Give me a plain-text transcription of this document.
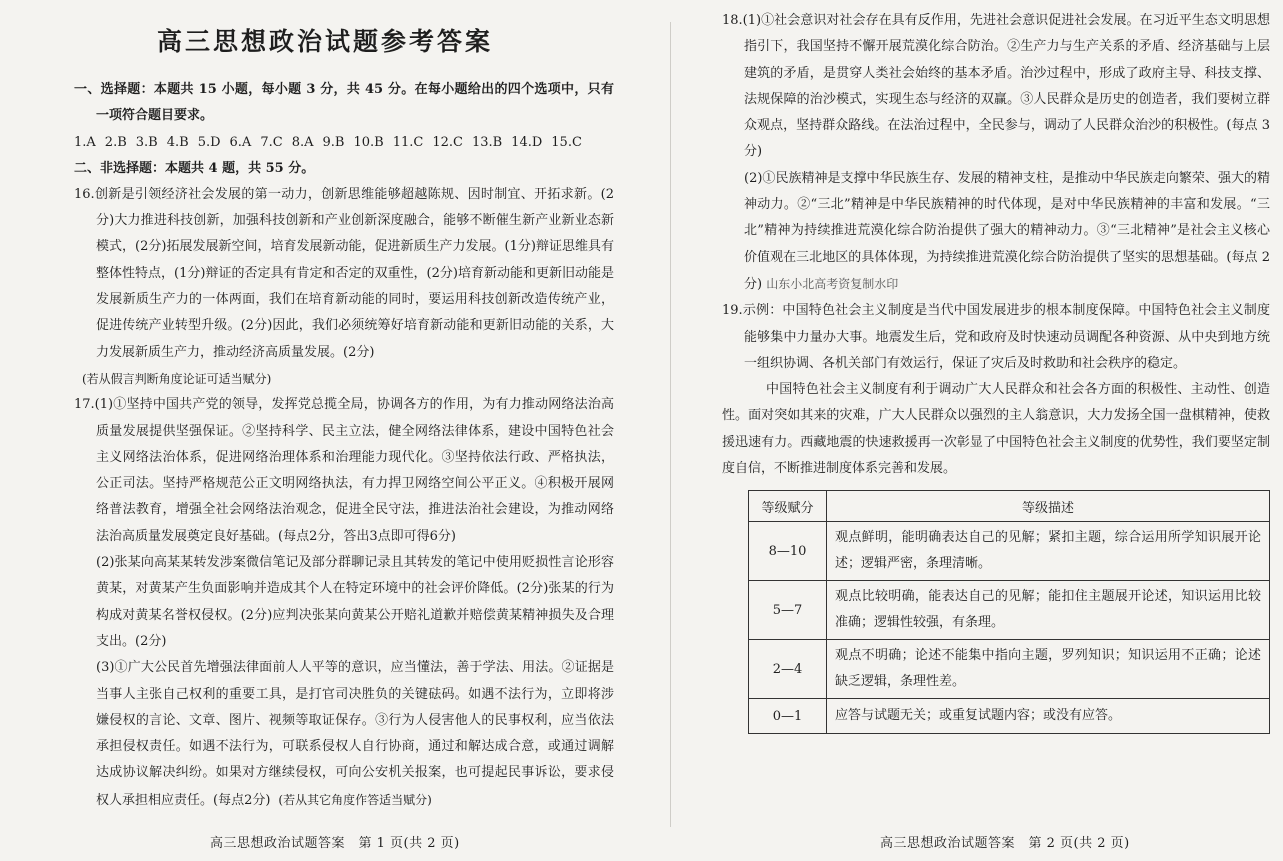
高三思想政治试题参考答案

一、选择题：本题共 15 小题，每小题 3 分，共 45 分。在每小题给出的四个选项中，只有一项符合题目要求。

1.A 2.B 3.B 4.B 5.D 6.A 7.C 8.A 9.B 10.B 11.C 12.C 13.B 14.D 15.C

二、非选择题：本题共 4 题，共 55 分。

16.创新是引领经济社会发展的第一动力，创新思维能够超越陈规、因时制宜、开拓求新。(2分)大力推进科技创新，加强科技创新和产业创新深度融合，能够不断催生新产业新业态新模式，(2分)拓展发展新空间，培育发展新动能，促进新质生产力发展。(1分)辩证思维具有整体性特点，(1分)辩证的否定具有肯定和否定的双重性，(2分)培育新动能和更新旧动能是发展新质生产力的一体两面，我们在培育新动能的同时，要运用科技创新改造传统产业，促进传统产业转型升级。(2分)因此，我们必须统筹好培育新动能和更新旧动能的关系，大力发展新质生产力，推动经济高质量发展。(2分)

(若从假言判断角度论证可适当赋分)

17.(1)①坚持中国共产党的领导，发挥党总揽全局，协调各方的作用，为有力推动网络法治高质量发展提供坚强保证。②坚持科学、民主立法，健全网络法律体系，建设中国特色社会主义网络法治体系，促进网络治理体系和治理能力现代化。③坚持依法行政、严格执法，公正司法。坚持严格规范公正文明网络执法，有力捍卫网络空间公平正义。④积极开展网络普法教育，增强全社会网络法治观念，促进全民守法，推进法治社会建设，为推动网络法治高质量发展奠定良好基础。(每点2分，答出3点即可得6分)

(2)张某向高某某转发涉案微信笔记及部分群聊记录且其转发的笔记中使用贬损性言论形容黄某，对黄某产生负面影响并造成其个人在特定环境中的社会评价降低。(2分)张某的行为构成对黄某名誉权侵权。(2分)应判决张某向黄某公开赔礼道歉并赔偿黄某精神损失及合理支出。(2分)

(3)①广大公民首先增强法律面前人人平等的意识，应当懂法，善于学法、用法。②证据是当事人主张自己权利的重要工具，是打官司决胜负的关键砝码。如遇不法行为，立即将涉嫌侵权的言论、文章、图片、视频等取证保存。③行为人侵害他人的民事权利，应当依法承担侵权责任。如遇不法行为，可联系侵权人自行协商，通过和解达成合意，或通过调解达成协议解决纠纷。如果对方继续侵权，可向公安机关报案，也可提起民事诉讼，要求侵权人承担相应责任。(每点2分) (若从其它角度作答适当赋分)

高三思想政治试题答案　第 1 页(共 2 页)

18.(1)①社会意识对社会存在具有反作用，先进社会意识促进社会发展。在习近平生态文明思想指引下，我国坚持不懈开展荒漠化综合防治。②生产力与生产关系的矛盾、经济基础与上层建筑的矛盾，是贯穿人类社会始终的基本矛盾。治沙过程中，形成了政府主导、科技支撑、法规保障的治沙模式，实现生态与经济的双赢。③人民群众是历史的创造者，我们要树立群众观点，坚持群众路线。在法治过程中，全民参与，调动了人民群众治沙的积极性。(每点 3 分)

(2)①民族精神是支撑中华民族生存、发展的精神支柱，是推动中华民族走向繁荣、强大的精神动力。②“三北”精神是中华民族精神的时代体现，是对中华民族精神的丰富和发展。“三北”精神为持续推进荒漠化综合防治提供了强大的精神动力。③“三北精神”是社会主义核心价值观在三北地区的具体体现，为持续推进荒漠化综合防治提供了坚实的思想基础。(每点 2 分) 山东小北高考资复制水印

19.示例：中国特色社会主义制度是当代中国发展进步的根本制度保障。中国特色社会主义制度能够集中力量办大事。地震发生后，党和政府及时快速动员调配各种资源、从中央到地方统一组织协调、各机关部门有效运行，保证了灾后及时救助和社会秩序的稳定。

中国特色社会主义制度有利于调动广大人民群众和社会各方面的积极性、主动性、创造性。面对突如其来的灾难，广大人民群众以强烈的主人翁意识，大力发扬全国一盘棋精神，使救援迅速有力。西藏地震的快速救援再一次彰显了中国特色社会主义制度的优势性，我们要坚定制度自信，不断推进制度体系完善和发展。

等级赋分	等级描述
8—10	观点鲜明，能明确表达自己的见解；紧扣主题，综合运用所学知识展开论述；逻辑严密，条理清晰。
5—7	观点比较明确，能表达自己的见解；能扣住主题展开论述，知识运用比较准确；逻辑性较强，有条理。
2—4	观点不明确；论述不能集中指向主题，罗列知识；知识运用不正确；论述缺乏逻辑，条理性差。
0—1	应答与试题无关；或重复试题内容；或没有应答。
高三思想政治试题答案　第 2 页(共 2 页)
